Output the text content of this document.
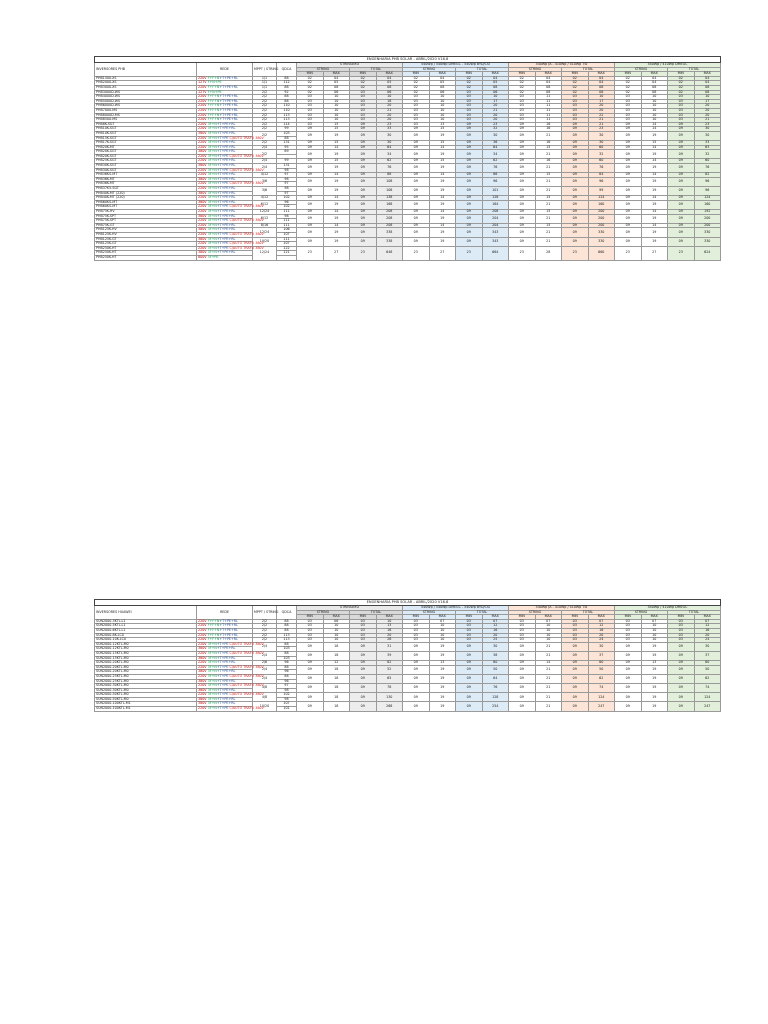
ENGENHARIA PHB SOLAR - ABRIL/2020 V16.8																			
INVERSORES PHB	REDE	MPPT / STRING	QDCA	STRINGBYD				540Wp / 540Wp DMEGC - 540Wp BYD/CSI				540Wp JA - 410Wp / 410Wp TSI				540Wp / 410Wp DMEGC			
				STRING		TOTAL		STRING		TOTAL		STRING		TOTAL		STRING		TOTAL	
				MIN	MAX	MIN	MAX	MIN	MAX	MIN	MAX	MIN	MAX	MIN	MAX	MIN	MAX	MIN	MAX
PHB1500-XS	220V F+F+N+T+PE+RL	1/1	88	02	04	02	04	02	04	02	04	02	04	02	04	02	04	02	04
PHB2000-XS	127V F+N+PE	1/1	112	02	05	02	05	02	05	02	05	02	04	02	04	02	04	02	04
PHB3000-XS	220V F+F+N+T+PE+RL	1/1	88	02	08	02	08	02	08	02	08	02	08	02	08	02	08	02	08
PHB3000D-WS	127V F+N+PE	2/2	92	02	06	03	06	02	06	03	06	02	08	02	08	02	08	02	08
PHB4000D-WS	220V F+F+N+T+PE+RL	2/2	88	03	10	03	10	03	10	03	10	03	11	03	10	03	10	03	10
PHB5000D-WS	220V F+F+N+T+PE+RL	2/2	88	03	10	03	18	03	10	03	17	03	11	03	17	03	10	03	17
PHB6000D-WS	220V F+F+N+T+PE+RL	2/2	110	03	10	03	20	03	10	03	20	03	11	03	20	03	10	03	20
PHB7000-MS	220V F+F+N+T+PE+RL	2/2	110	03	10	03	21	03	10	03	21	03	11	03	20	03	10	03	20
PHB8000D-MS	220V F+F+N+T+PE+RL	2/2	113	03	10	03	20	03	10	03	20	03	11	03	22	03	10	03	20
PHB8500-MS	220V F+F+N+T+PE+RL	2/2	113	03	10	03	20	03	10	03	20	03	11	03	21	03	10	03	21
PHB8K-SGT	220V 3F+N+T+PE+RL	2/2	114	03	15	09	23	03	13	09	23	09	16	09	21	09	14	09	23
PHB10K-SGT	220V 3F+N+T+PE+RL	2/2	99	09	15	09	33	09	15	09	32	09	16	09	23	09	14	09	30
PHB10K-SGT	380V 3F+N+T+PE+RL	2/2	103	09	19	09	30	09	19	09	30	09	21	09	30	09	19	09	30
PHB15K-SGT	220V 3F+N+T+PE C/AUTO TRAFO 380V		88																
PHB17K-SGT	220V 3F+N+T+PE+RL	2/2	131	09	15	09	30	09	15	09	36	09	16	09	30	09	15	09	33
PHB20K-MT	220V 3F+N+T+PE+RL	2/4	95	09	14	09	64	09	14	09	64	09	15	09	60	09	14	09	63
PHB20K-SGT	380V 3F+N+T+PE+RL	2/2	89	09	19	09	34	09	19	09	34	09	21	09	32	09	19	09	32
PHB20K-SGT	220V 3F+N+T+PE C/AUTO TRAFO 380V																		
PHB25K-SGT	220V 3F+N+T+PE+RL	2/4	99	09	15	09	62	09	15	09	62	09	16	09	60	09	14	09	60
PHB30K-SGT	380V 3F+N+T+PE+RL	2/4	131	09	19	09	76	09	19	09	76	09	21	09	76	09	19	09	76
PHB30K-SGT	220V 3F+N+T+PE C/AUTO TRAFO 380V		98																
PHB36KS-MT	220V 3F+N+T+PE+RL	4/12	97	09	14	09	88	09	14	09	86	09	15	09	84	09	14	09	82
PHB36K-MT	380V 3F+N+T+PE+RL	3/6	98	09	19	09	108	09	19	09	96	09	21	09	96	09	19	09	96
PHB36K-MT	220V 3F+N+T+PE C/AUTO TRAFO 380V		97																
PHB37K5-SGT	220V 3F+N+T+PE+RL	3/6	98	09	19	09	108	09	19	09	101	09	21	09	99	09	19	09	96
PHB40K-MT (220)	380V 3F+N+T+PE+RL		97																
PHB40K-MT (220)	220V 3F+N+T+PE+RL	4/12	102	09	14	09	138	09	14	09	128	09	15	09	124	09	14	09	124
PHB60KS-MT	380V 3F+N+T+PE+RL	6/12	96	09	19	09	168	09	19	09	164	09	21	09	160	09	19	09	160
PHB60KS-MT	220V 3F+N+T+PE C/AUTO TRAFO 380V		102																
PHB75K-HV	220V 3F+N+T+PE+RL	12/24	111	09	14	09	208	09	14	09	208	09	15	09	200	09	14	09	192
PHB75K-SPT	380V 3F+N+T+PE+RL	6/12	98	09	19	09	208	09	19	09	204	09	21	09	200	09	19	09	200
PHB75K-SPT	220V 3F+N+T+PE C/AUTO TRAFO 380V		111																
PHB75K-GT	220V 3F+N+T+PE+RL	8/16	111	09	14	09	208	09	14	09	204	09	15	09	200	09	14	09	200
PHB125K-HV	380V 3F+N+T+PE+RL	12/24	106	09	19	09	338	09	19	09	343	09	21	09	330	09	19	09	330
PHB125K-HV	220V 3F+N+T+PE C/AUTO TRAFO 380V		107																
PHB125K-GT	380V 3F+N+T+PE+RL	10/20	111	09	19	09	338	09	19	09	343	09	21	09	330	09	19	09	330
PHB125K-GT	220V 3F+N+T+PE C/AUTO TRAFO 380V		107																
PHB250K-HT	220V 3F+N+T+PE C/AUTO TRAFO 380V	12/24	122	23	27	23	648	23	27	23	664	23	28	23	660	23	27	23	624
PHB250K-HT	380V 3F+N+T+PE+RL		121																
PHB250K-HT	800V 3F+PE																		
ENGENHARIA PHB SOLAR - ABRIL/2020 V16.8																			
INVERSORES HUAWEI	REDE	MPPT / STRING	QDCA	STRINGBYD				540Wp / 540Wp DMEGC - 540Wp BYD/CSI				540Wp JA - 410Wp / 410Wp TSI				540Wp / 410Wp DMEGC			
				STRING		TOTAL		STRING		TOTAL		STRING		TOTAL		STRING		TOTAL	
				MIN	MAX	MIN	MAX	MIN	MAX	MIN	MAX	MIN	MAX	MIN	MAX	MIN	MAX	MIN	MAX
SUN2000-3KTL-L1	220V F+F+N+T+PE+RL	2/2	88	03	06	03	10	03	07	03	07	03	07	03	07	03	07	03	07
SUN2000-5KTL-L1	220V F+F+N+T+PE+RL	2/2	88	03	10	03	13	03	10	03	12	03	10	03	12	03	10	03	12
SUN2000-6KTL-L1	220V F+F+N+T+PE+RL	2/2	88	03	10	03	16	03	10	03	16	03	10	03	16	03	10	03	16
SUN2000-8K-LC0	220V F+F+N+T+PE+RL	2/2	113	03	10	03	20	03	10	03	20	03	10	03	20	03	10	03	20
SUN2000-10K-LC0	220V F+F+N+T+PE+RL	2/2	113	03	10	03	26	03	10	03	25	03	10	03	24	03	10	03	24
SUN2000-12KTL-M0	220V 3F+N+T+PE C/AUTO TRAFO 380V	2/4	88	09	18	09	31	09	19	09	30	09	21	09	30	09	19	09	30
SUN2000-12KTL-M0	380V 3F+N+T+PE+RL		103																
SUN2000-15KTL-M0	220V 3F+N+T+PE C/AUTO TRAFO 380V	2/4	88	09	18	09	39	09	19	09	38	09	21	09	37	09	19	09	37
SUN2000-15KTL-M0	380V 3F+N+T+PE+RL		103																
SUN2000-20KTL-M0	220V 3F+N+T+PE+RL	2/6	96	09	12	09	82	09	13	09	80	09	14	09	80	09	13	09	80
SUN2000-20KTL-M0	220V 3F+N+T+PE C/AUTO TRAFO 380V	2/4	88	09	18	09	52	09	19	09	50	09	21	09	50	09	19	09	50
SUN2000-20KTL-M0	380V 3F+N+T+PE+RL		96																
SUN2000-25KTL-M0	220V 3F+N+T+PE C/AUTO TRAFO 380V	2/4	88	09	18	09	65	09	19	09	64	09	21	09	62	09	19	09	62
SUN2000-25KTL-M0	380V 3F+N+T+PE+RL		96																
SUN2000-30KTL-M0	220V 3F+N+T+PE C/AUTO TRAFO 380V	4/8	97	09	18	09	78	09	19	09	76	09	21	09	74	09	19	09	74
SUN2000-30KTL-M0	380V 3F+N+T+PE+RL		98																
SUN2000-50KTL-M0	220V 3F+N+T+PE C/AUTO TRAFO 380V	4/8	102	09	18	09	130	09	19	09	128	09	21	09	124	09	19	09	124
SUN2000-50KTL-M0	380V 3F+N+T+PE+RL		98																
SUN2000-100KTL-M1	380V 3F+N+T+PE+RL	10/20	107	09	18	09	268	09	19	09	254	09	21	09	247	09	19	09	247
SUN2000-100KTL-M1	220V 3F+N+T+PE C/AUTO TRAFO 380V		101																
